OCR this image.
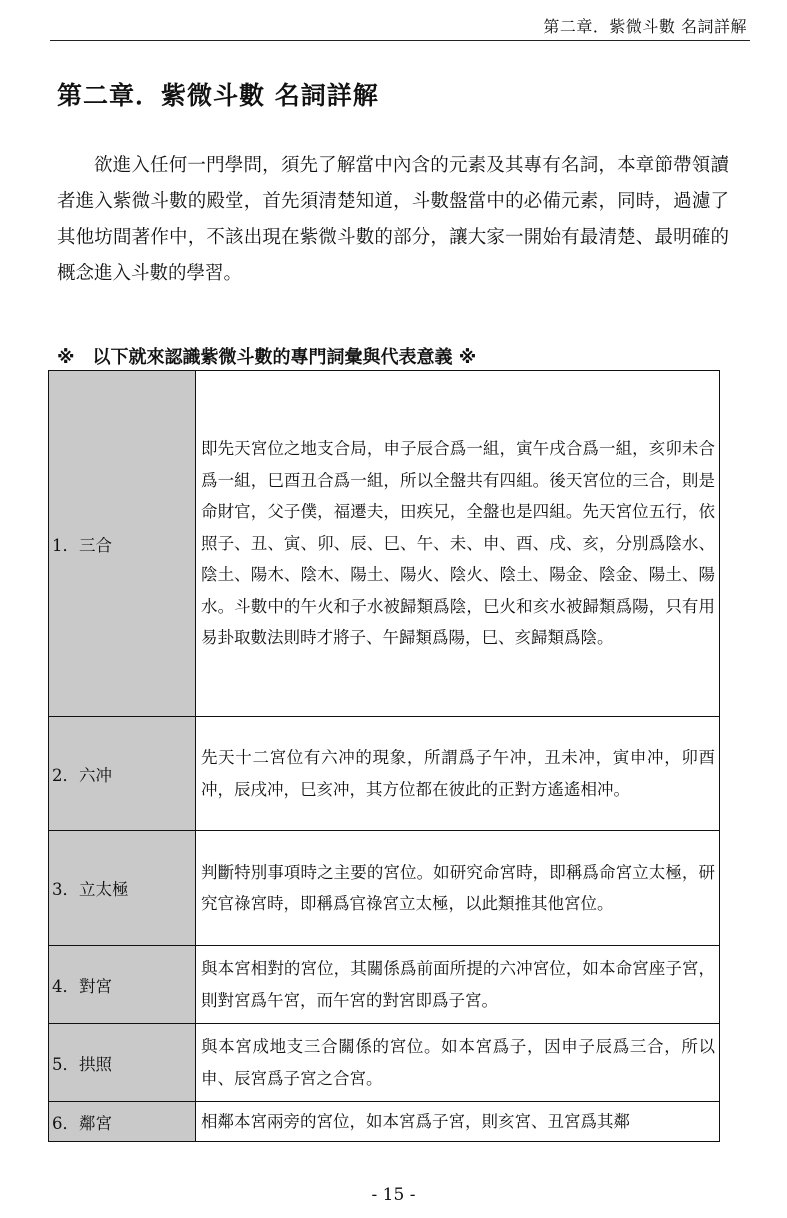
第二章．紫微斗數 名詞詳解
第二章．紫微斗數 名詞詳解

欲進入任何一門學問，須先了解當中內含的元素及其專有名詞，本章節帶領讀者進入紫微斗數的殿堂，首先須清楚知道，斗數盤當中的必備元素，同時，過濾了其他坊間著作中，不該出現在紫微斗數的部分，讓大家一開始有最清楚、最明確的概念進入斗數的學習。

※　以下就來認識紫微斗數的專門詞彙與代表意義 ※
1．三合	即先天宮位之地支合局，申子辰合爲一組，寅午戌合爲一組，亥卯未合爲一組，巳酉丑合爲一組，所以全盤共有四組。後天宮位的三合，則是命財官，父子僕，福遷夫，田疾兄，全盤也是四組。先天宮位五行，依照子、丑、寅、卯、辰、巳、午、未、申、酉、戌、亥，分別爲陰水、陰土、陽木、陰木、陽土、陽火、陰火、陰土、陽金、陰金、陽土、陽水。斗數中的午火和子水被歸類爲陰，巳火和亥水被歸類爲陽，只有用易卦取數法則時才將子、午歸類爲陽，巳、亥歸類爲陰。
2．六冲	先天十二宮位有六冲的現象，所謂爲子午冲，丑未冲，寅申冲，卯酉冲，辰戌冲，巳亥冲，其方位都在彼此的正對方遙遙相冲。
3．立太極	判斷特別事項時之主要的宮位。如研究命宮時，即稱爲命宮立太極，研究官祿宮時，即稱爲官祿宮立太極，以此類推其他宮位。
4．對宮	與本宮相對的宮位，其關係爲前面所提的六冲宮位，如本命宮座子宮，則對宮爲午宮，而午宮的對宮即爲子宮。
5．拱照	與本宮成地支三合關係的宮位。如本宮爲子，因申子辰爲三合，所以申、辰宮爲子宮之合宮。
6．鄰宮	相鄰本宮兩旁的宮位，如本宮爲子宮，則亥宮、丑宮爲其鄰
- 15 -
